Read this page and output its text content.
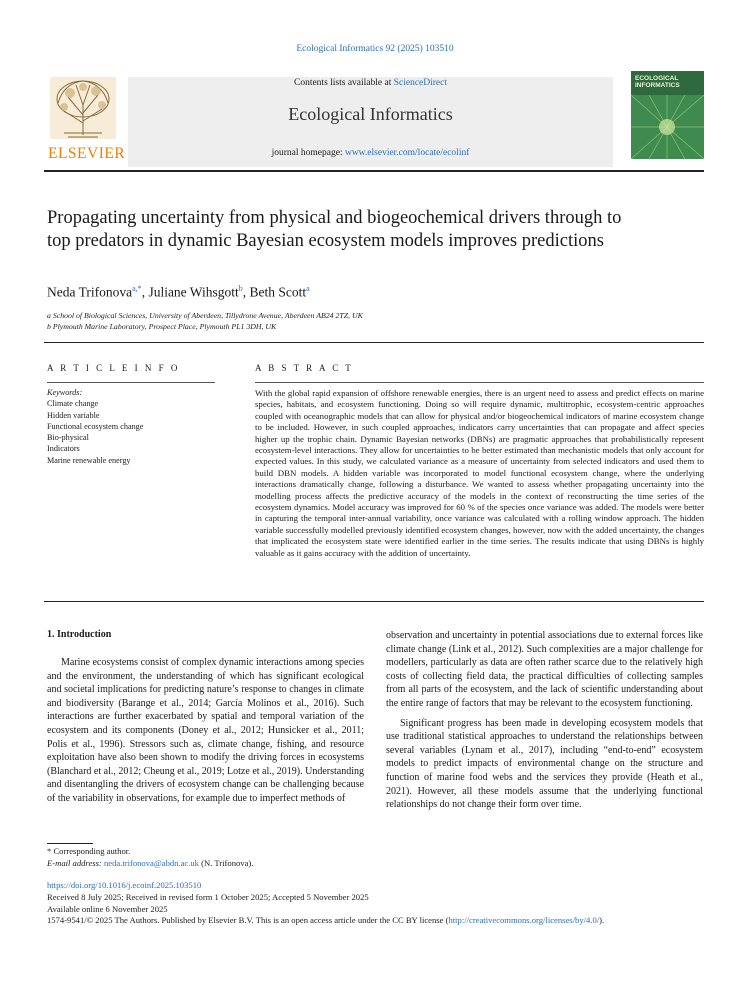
Ecological Informatics 92 (2025) 103510
ELSEVIER
Contents lists available at ScienceDirect
Ecological Informatics
journal homepage: www.elsevier.com/locate/ecolinf
ECOLOGICAL INFORMATICS
Propagating uncertainty from physical and biogeochemical drivers through to top predators in dynamic Bayesian ecosystem models improves predictions
Neda Trifonova$^{a,*}$, Juliane Wihsgott$^b$, Beth Scott$^a$
a School of Biological Sciences, University of Aberdeen, Tillydrone Avenue, Aberdeen AB24 2TZ, UK
b Plymouth Marine Laboratory, Prospect Place, Plymouth PL1 3DH, UK
A R T I C L E I N F O	A B S T R A C T
Keywords:
Climate change
Hidden variable
Functional ecosystem change
Bio-physical
Indicators
Marine renewable energy

With the global rapid expansion of offshore renewable energies, there is an urgent need to assess and predict effects on marine species, habitats, and ecosystem functioning. Doing so will require dynamic, multitrophic, ecosystem-centric approaches coupled with oceanographic models that can allow for physical and/or biogeochemical indicators of marine ecosystem change to be included. However, in such coupled approaches, indicators carry uncertainties that can propagate and affect species higher up the trophic chain. Dynamic Bayesian networks (DBNs) are pragmatic approaches that probabilistically represent ecosystem-level interactions. They allow for uncertainties to be better estimated than mechanistic models that only account for expected values. In this study, we calculated variance as a measure of uncertainty from selected indicators and used them to build DBN models. A hidden variable was incorporated to model functional ecosystem change, where the underlying interactions dramatically change, following a disturbance. We wanted to assess whether propagating uncertainty into the modelling process affects the predictive accuracy of the models in the context of reconstructing the time series of the ecosystem dynamics. Model accuracy was improved for 60 % of the species once variance was added. The models were better in capturing the temporal inter-annual variability, once variance was calculated with a rolling window approach. The hidden variable successfully modelled previously identified ecosystem changes, however, now with the added uncertainty, the changes that implicated the ecosystem state were identified earlier in the time series. The results indicate that using DBNs is highly valuable as it gains accuracy with the addition of uncertainty.

1. Introduction

Marine ecosystems consist of complex dynamic interactions among species and the environment, the understanding of which has significant ecological and societal implications for predicting nature’s response to changes in climate and biodiversity (Barange et al., 2014; García Molinos et al., 2016). Such interactions are further exacerbated by spatial and temporal variation of the ecosystem and its components (Doney et al., 2012; Hunsicker et al., 2011; Polis et al., 1996). Stressors such as, climate change, fishing, and resource exploitation have also been shown to modify the driving forces in ecosystems (Blanchard et al., 2012; Cheung et al., 2019; Lotze et al., 2019). Understanding and disentangling the drivers of ecosystem change can be challenging because of the variability in observations, for example due to imperfect methods of

observation and uncertainty in potential associations due to external forces like climate change (Link et al., 2012). Such complexities are a major challenge for modellers, particularly as data are often rather scarce due to the relatively high costs of collecting field data, the practical difficulties of collecting samples from all parts of the ecosystem, and the lack of scientific understanding about the entire range of factors that may be relevant to the ecosystem functioning.

Significant progress has been made in developing ecosystem models that use traditional statistical approaches to understand the relationships between several variables (Lynam et al., 2017), including “end-to-end” ecosystem models to predict impacts of environmental change on the structure and function of marine food webs and the services they provide (Heath et al., 2021). However, all these models assume that the underlying functional relationships do not change their form over time.

* Corresponding author.
E-mail address: neda.trifonova@abdn.ac.uk (N. Trifonova).
https://doi.org/10.1016/j.ecoinf.2025.103510
Received 8 July 2025; Received in revised form 1 October 2025; Accepted 5 November 2025
Available online 6 November 2025
1574-9541/© 2025 The Authors. Published by Elsevier B.V. This is an open access article under the CC BY license (http://creativecommons.org/licenses/by/4.0/).
